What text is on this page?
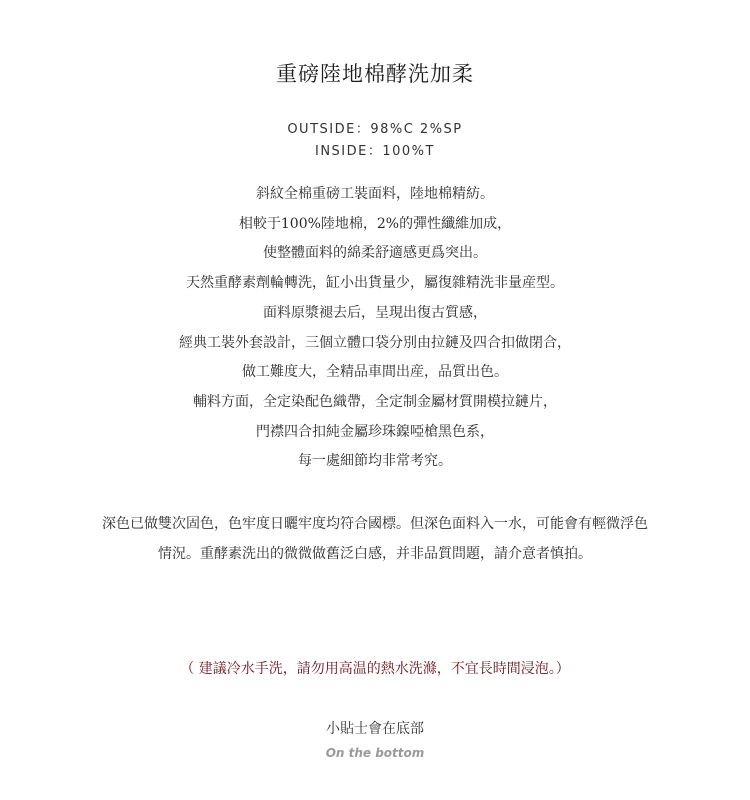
重磅陸地棉酵洗加柔
OUTSIDE：98%C 2%SP
INSIDE：100%T
斜紋全棉重磅工裝面料，陸地棉精紡。
相較于100%陸地棉，2%的彈性纖維加成，
使整體面料的綿柔舒適感更爲突出。
天然重酵素劑輪轉洗，缸小出貨量少，屬復雜精洗非量産型。
面料原漿褪去后，呈現出復古質感，
經典工裝外套設計，三個立體口袋分別由拉鏈及四合扣做閉合，
做工難度大，全精品車間出産，品質出色。
輔料方面，全定染配色織帶，全定制金屬材質開模拉鏈片，
門襟四合扣純金屬珍珠鎳啞槍黑色系，
每一處細節均非常考究。
深色已做雙次固色，色牢度日曬牢度均符合國標。但深色面料入一水，可能會有輕微浮色
情況。重酵素洗出的微微做舊泛白感，并非品質問題，請介意者慎拍。
（ 建議冷水手洗，請勿用高温的熱水洗滌，不宜長時間浸泡。）
小貼士會在底部
On the bottom
